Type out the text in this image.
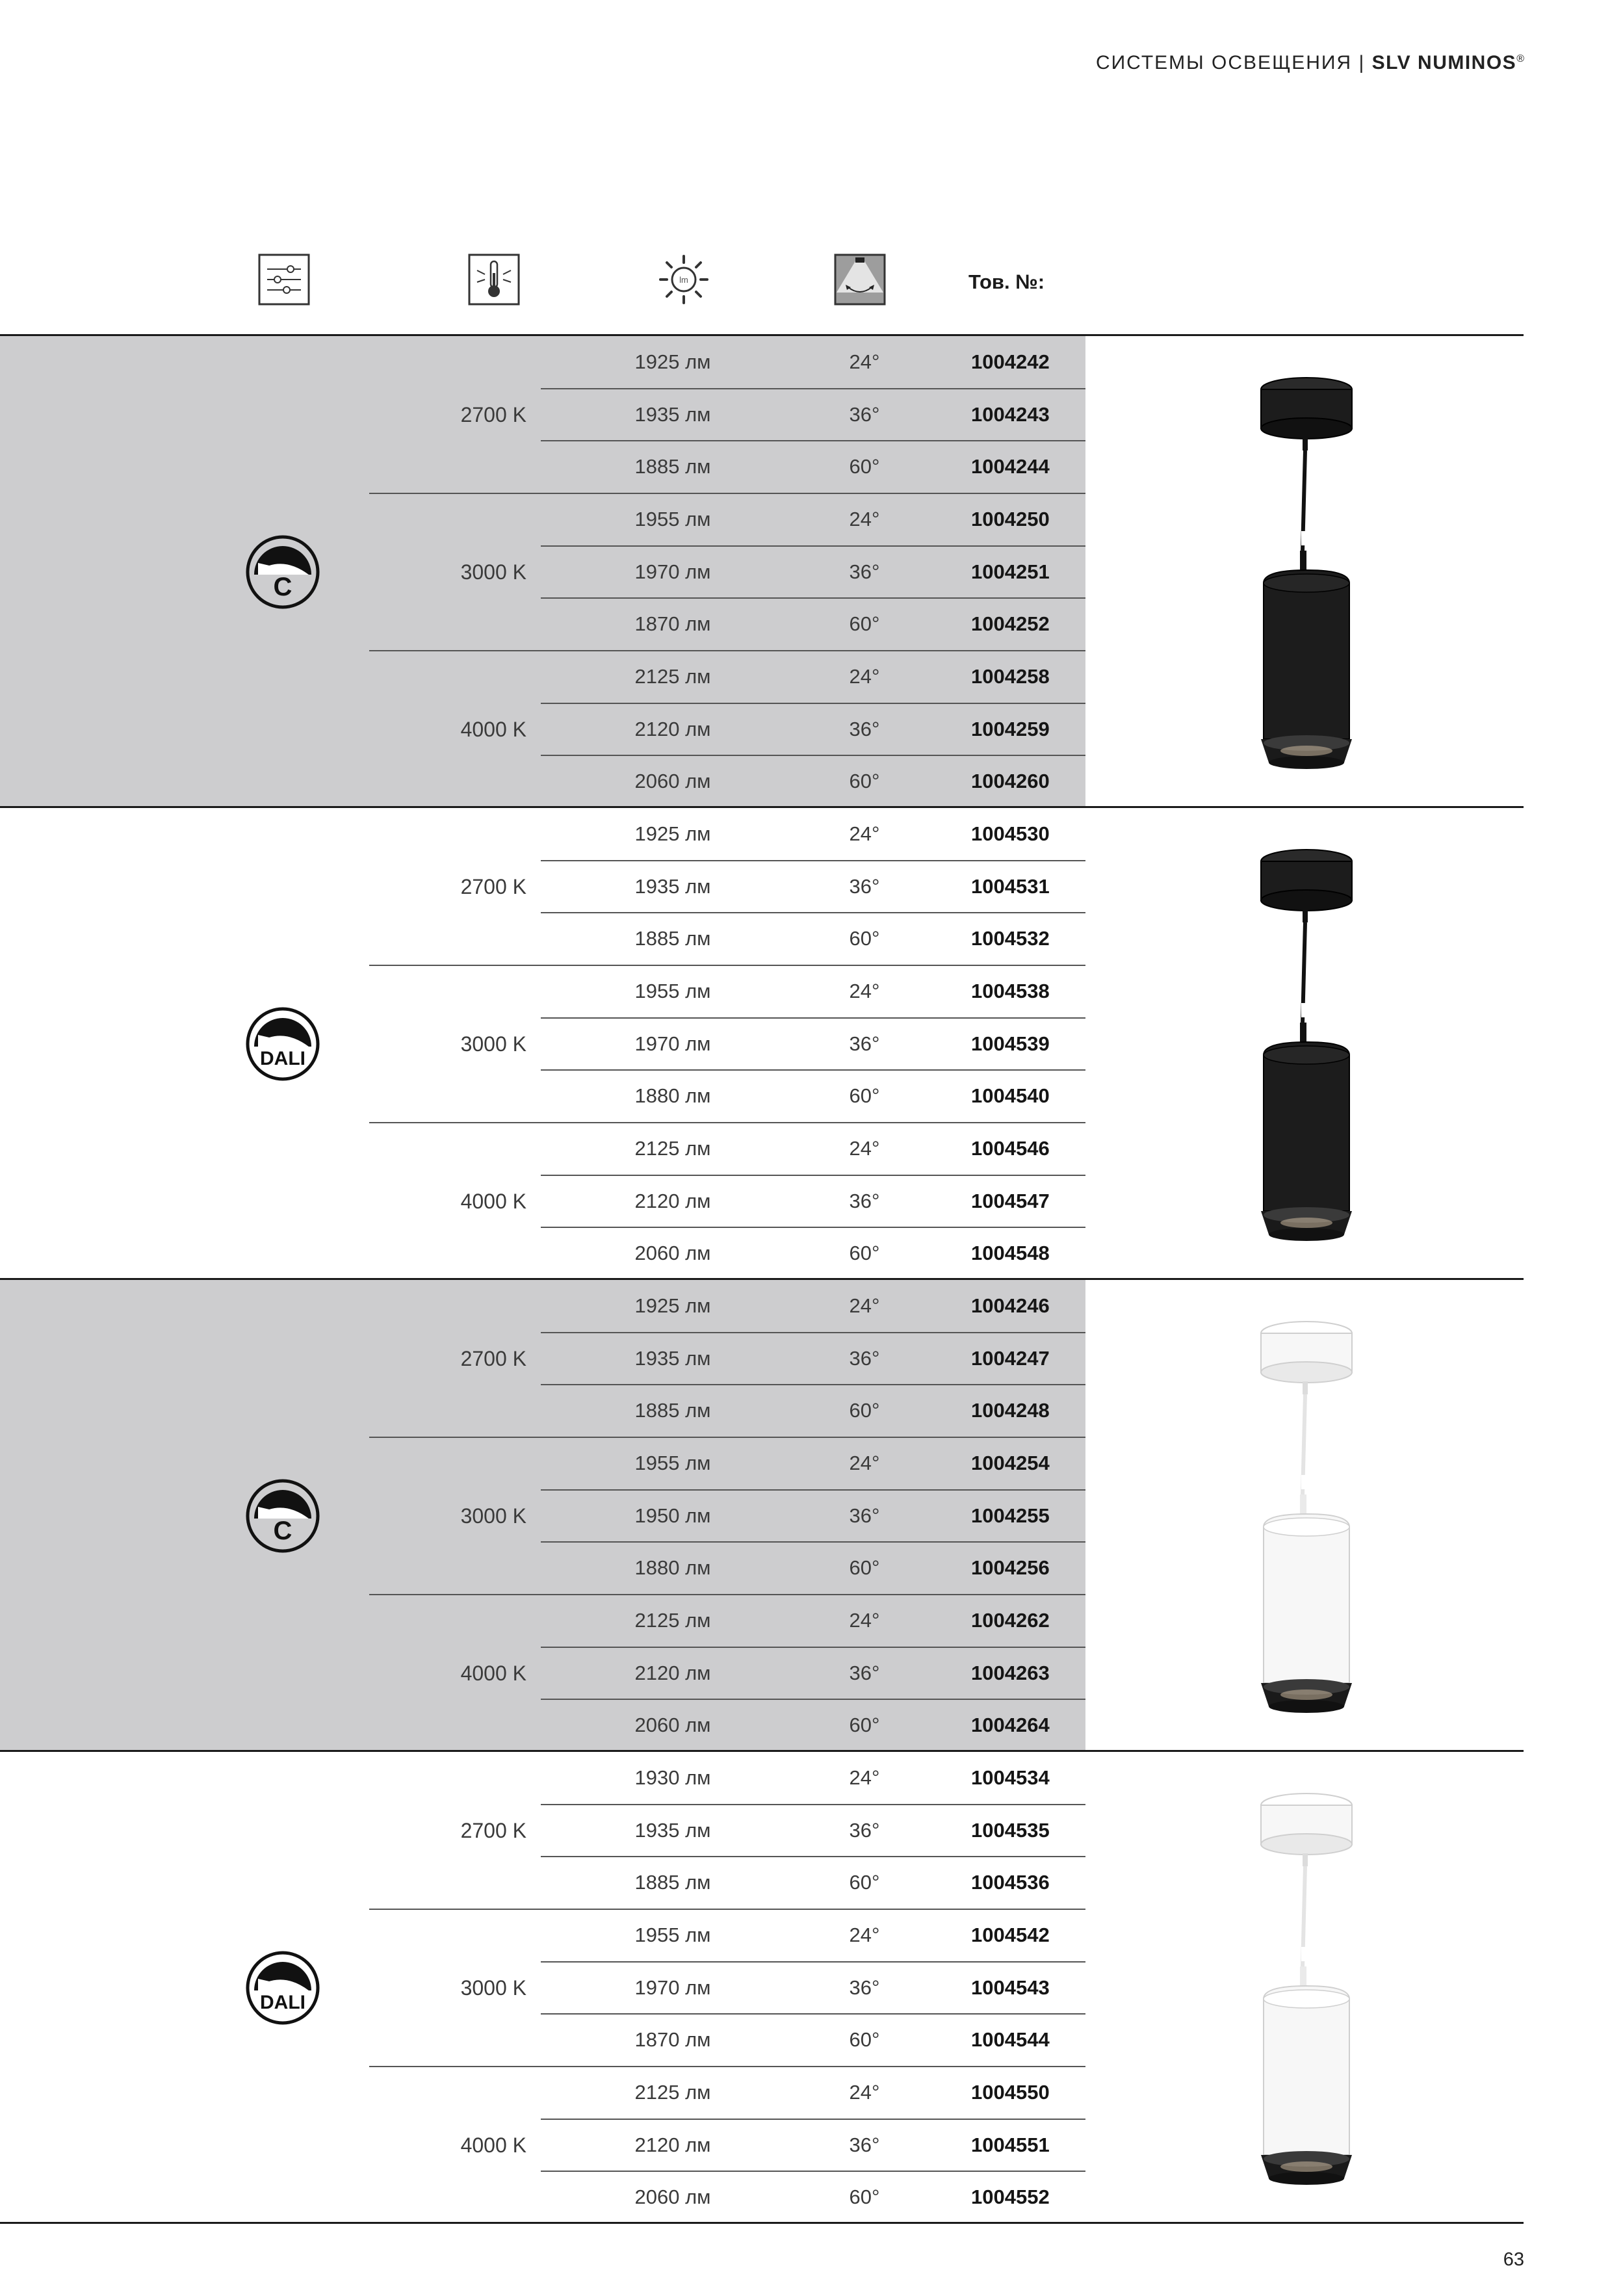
СИСТЕМЫ ОСВЕЩЕНИЯ | SLV NUMINOS®
lm	Тов. №:
C
2700 K
1925 лм	24°	1004242
1935 лм	36°	1004243
1885 лм	60°	1004244
3000 K
1955 лм	24°	1004250
1970 лм	36°	1004251
1870 лм	60°	1004252
4000 K
2125 лм	24°	1004258
2120 лм	36°	1004259
2060 лм	60°	1004260
DALI
2700 K
1925 лм	24°	1004530
1935 лм	36°	1004531
1885 лм	60°	1004532
3000 K
1955 лм	24°	1004538
1970 лм	36°	1004539
1880 лм	60°	1004540
4000 K
2125 лм	24°	1004546
2120 лм	36°	1004547
2060 лм	60°	1004548
C
2700 K
1925 лм	24°	1004246
1935 лм	36°	1004247
1885 лм	60°	1004248
3000 K
1955 лм	24°	1004254
1950 лм	36°	1004255
1880 лм	60°	1004256
4000 K
2125 лм	24°	1004262
2120 лм	36°	1004263
2060 лм	60°	1004264
DALI
2700 K
1930 лм	24°	1004534
1935 лм	36°	1004535
1885 лм	60°	1004536
3000 K
1955 лм	24°	1004542
1970 лм	36°	1004543
1870 лм	60°	1004544
4000 K
2125 лм	24°	1004550
2120 лм	36°	1004551
2060 лм	60°	1004552
63
